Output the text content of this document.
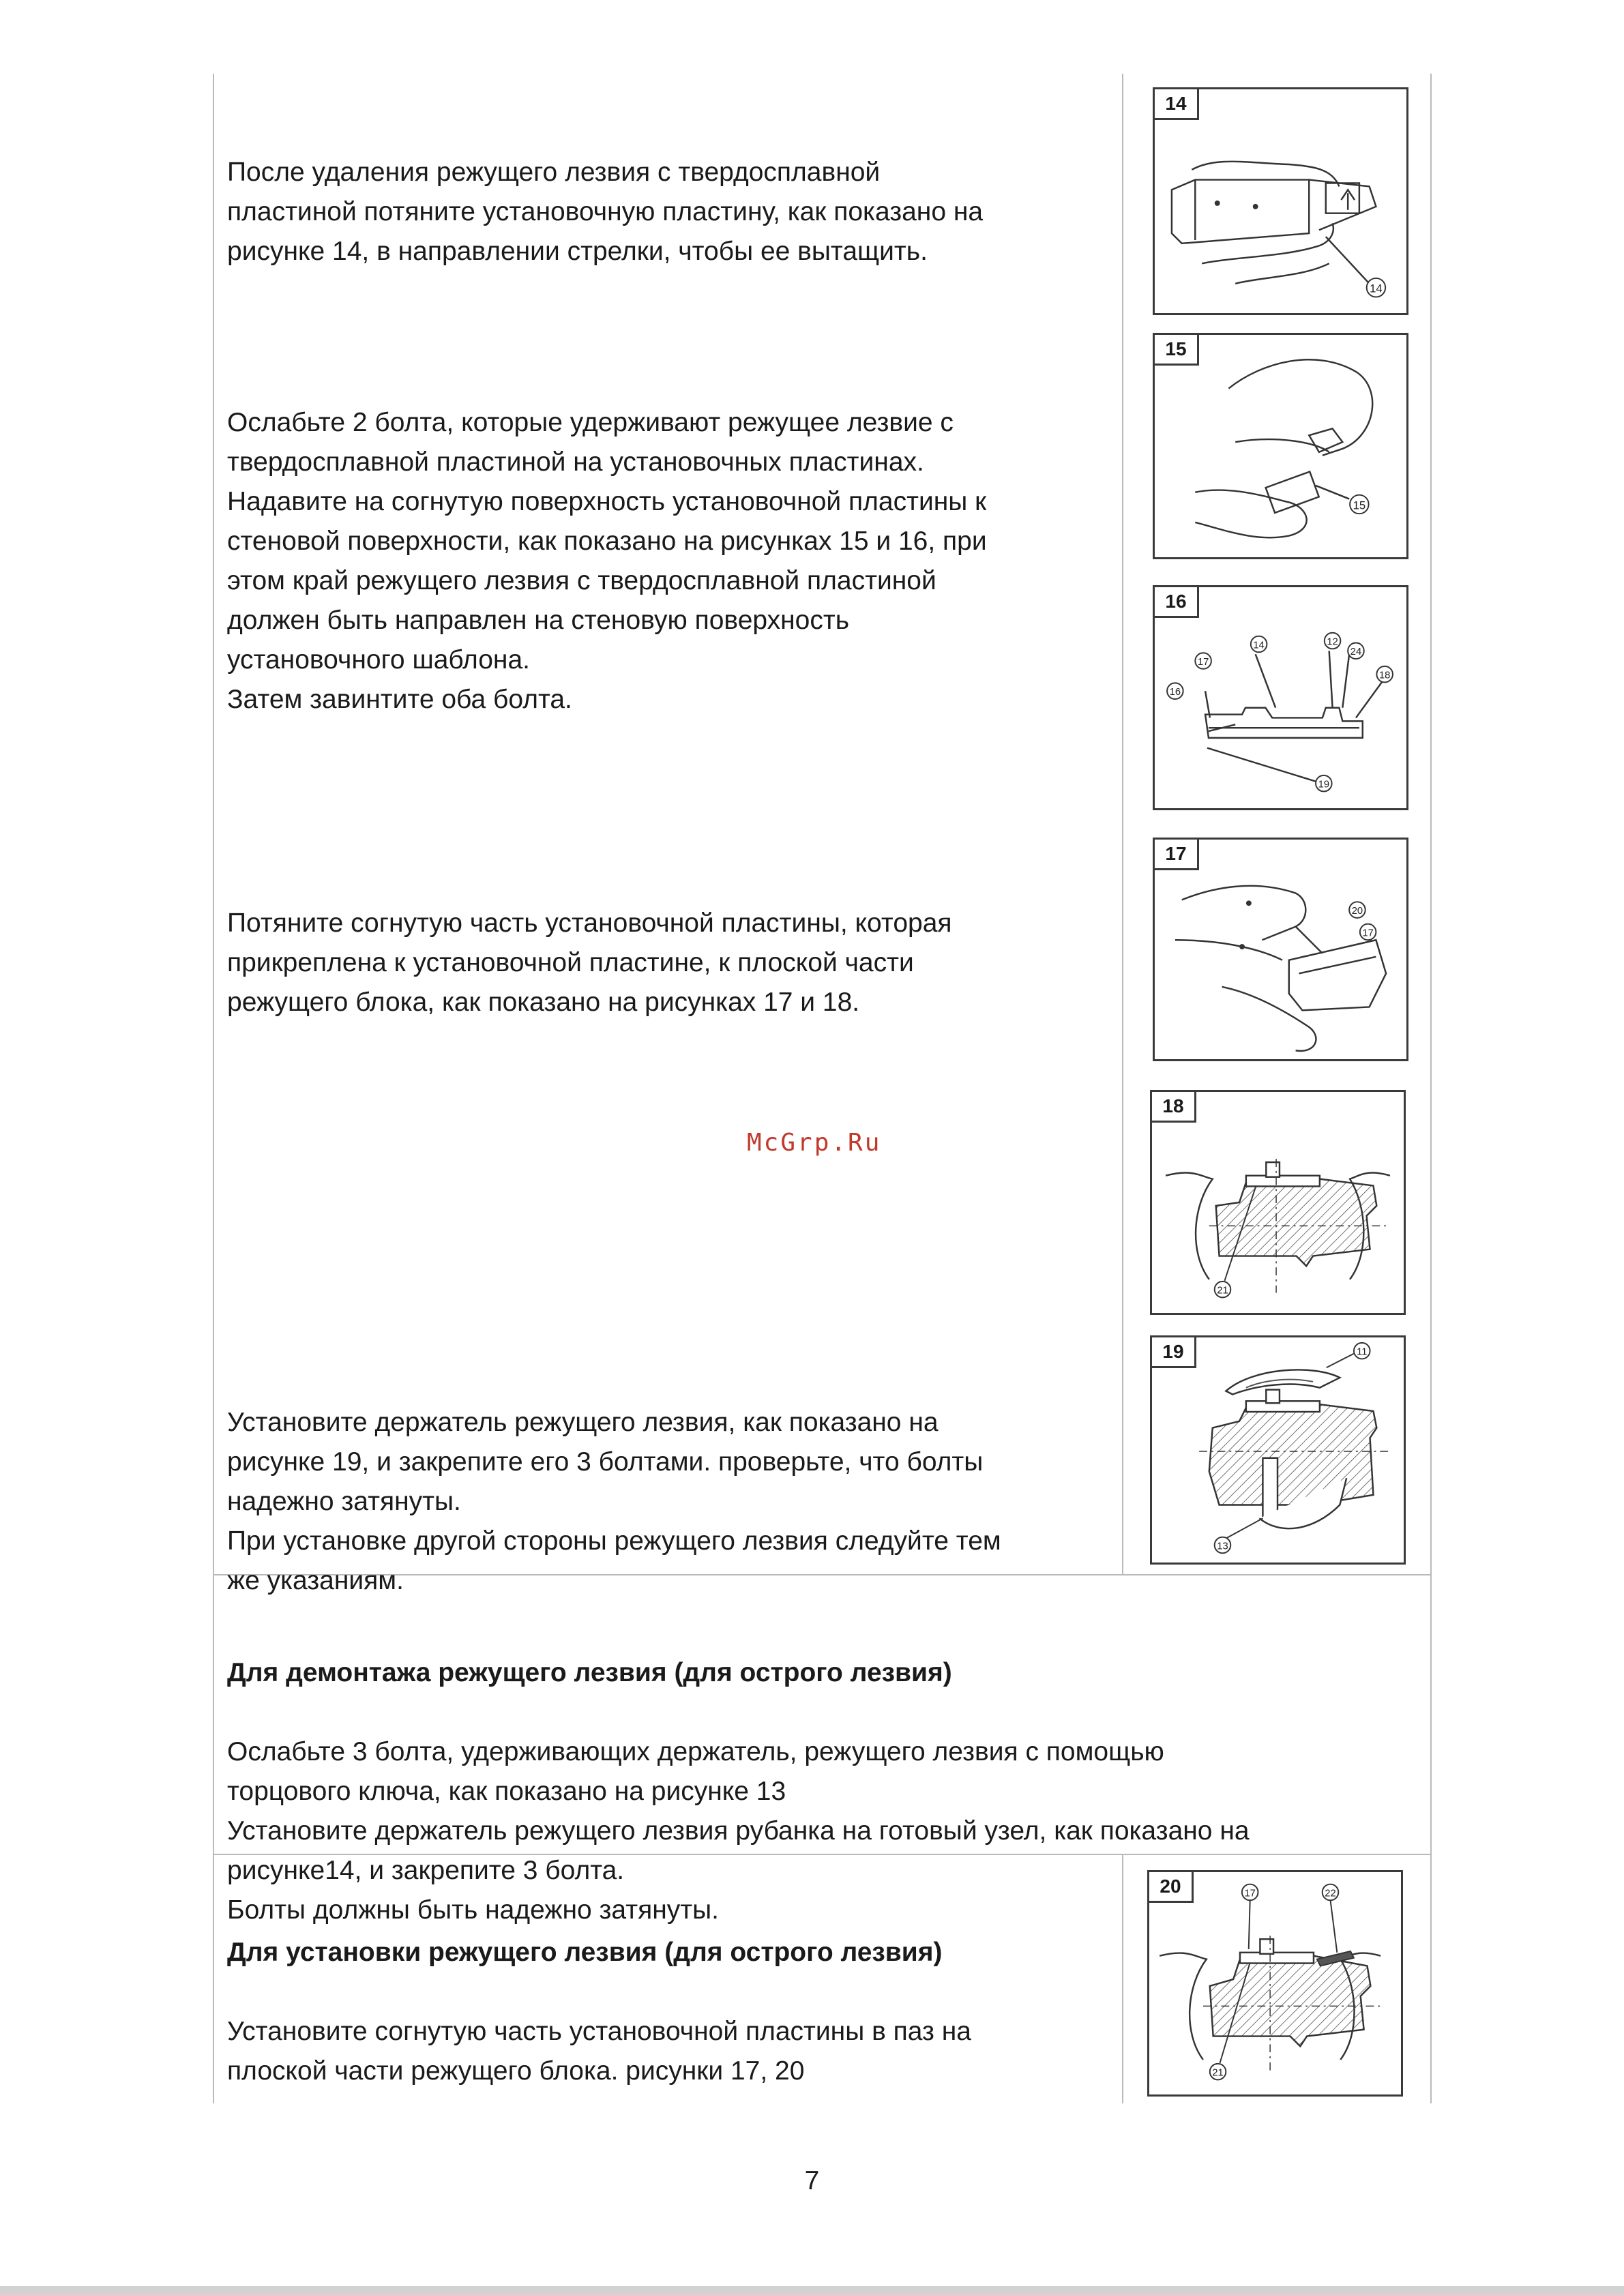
После удаления режущего лезвия с твердосплавной
пластиной потяните установочную пластину, как показано на
рисунке 14, в направлении стрелки, чтобы ее вытащить.

Ослабьте 2 болта, которые удерживают режущее лезвие с
твердосплавной пластиной на установочных пластинах.
Надавите на согнутую поверхность установочной пластины к
стеновой поверхности, как показано на рисунках 15 и 16, при
этом край режущего лезвия с твердосплавной пластиной
должен быть направлен на стеновую поверхность
установочного шаблона.
Затем завинтите оба болта.

Потяните согнутую часть установочной пластины, которая
прикреплена к установочной пластине, к плоской части
режущего блока, как показано на рисунках 17 и 18.

Установите держатель режущего лезвия, как показано на
рисунке 19, и закрепите его 3 болтами. проверьте, что болты
надежно затянуты.
При установке другой стороны режущего лезвия следуйте тем
же указаниям.

Для демонтажа режущего лезвия (для острого лезвия)

Ослабьте 3 болта, удерживающих держатель, режущего лезвия с помощью
торцового ключа, как показано на рисунке 13
Установите держатель режущего лезвия рубанка на готовый узел, как показано на
рисунке14, и закрепите 3 болта.
Болты должны быть надежно затянуты.

Для установки режущего лезвия (для острого лезвия)

Установите согнутую часть установочной пластины в паз на
плоской части режущего блока. рисунки 17, 20

McGrp.Ru
14
14
15
15
17
14	12
24
18
16
19
16
20
17
17
21
18
11
13
19
17	22
21
20
7
